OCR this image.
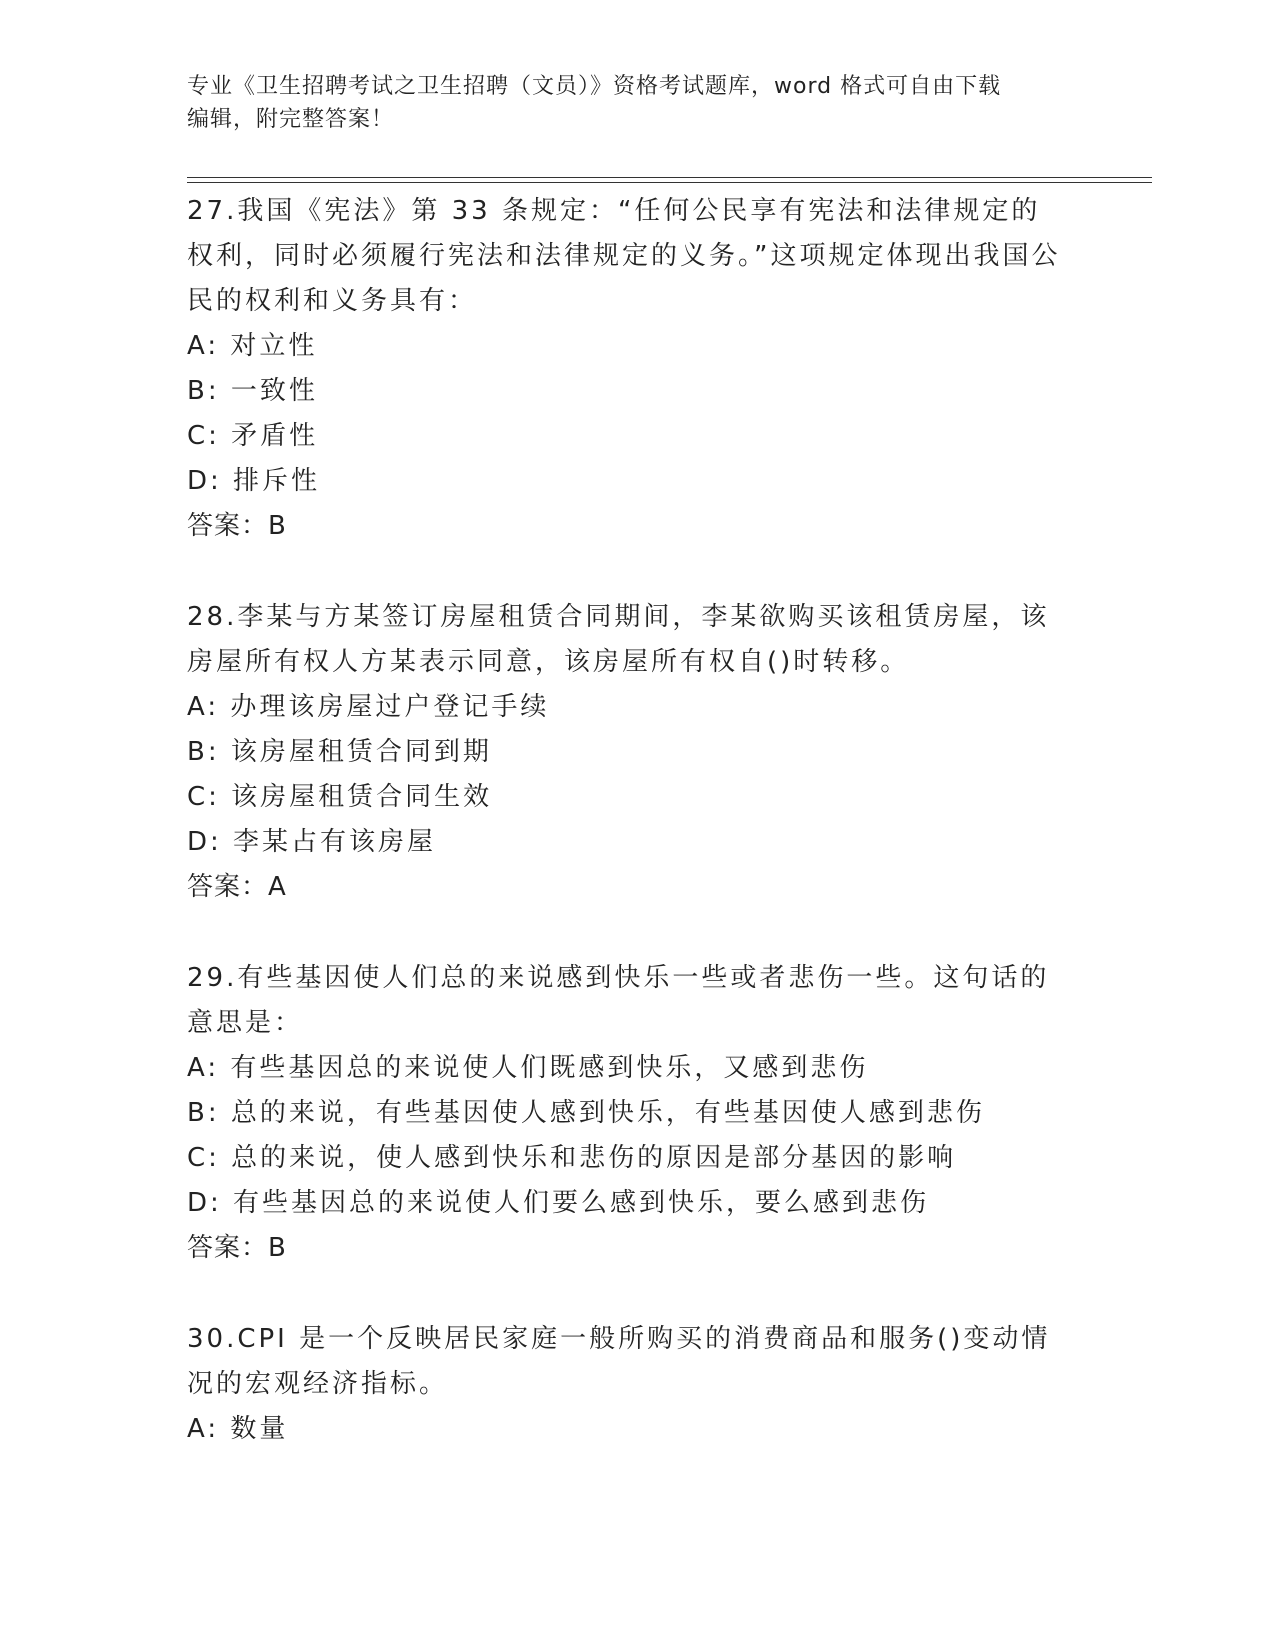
专业《卫生招聘考试之卫生招聘（文员）》资格考试题库，word 格式可自由下载
编辑，附完整答案！

27.我国《宪法》第 33 条规定：“任何公民享有宪法和法律规定的权利，同时必须履行宪法和法律规定的义务。”这项规定体现出我国公民的权利和义务具有：

A: 对立性

B: 一致性

C: 矛盾性

D: 排斥性

答案：B

28.李某与方某签订房屋租赁合同期间，李某欲购买该租赁房屋，该房屋所有权人方某表示同意，该房屋所有权自()时转移。

A: 办理该房屋过户登记手续

B: 该房屋租赁合同到期

C: 该房屋租赁合同生效

D: 李某占有该房屋

答案：A

29.有些基因使人们总的来说感到快乐一些或者悲伤一些。这句话的意思是：

A: 有些基因总的来说使人们既感到快乐，又感到悲伤

B: 总的来说，有些基因使人感到快乐，有些基因使人感到悲伤

C: 总的来说，使人感到快乐和悲伤的原因是部分基因的影响

D: 有些基因总的来说使人们要么感到快乐，要么感到悲伤

答案：B

30.CPI 是一个反映居民家庭一般所购买的消费商品和服务()变动情况的宏观经济指标。

A: 数量
